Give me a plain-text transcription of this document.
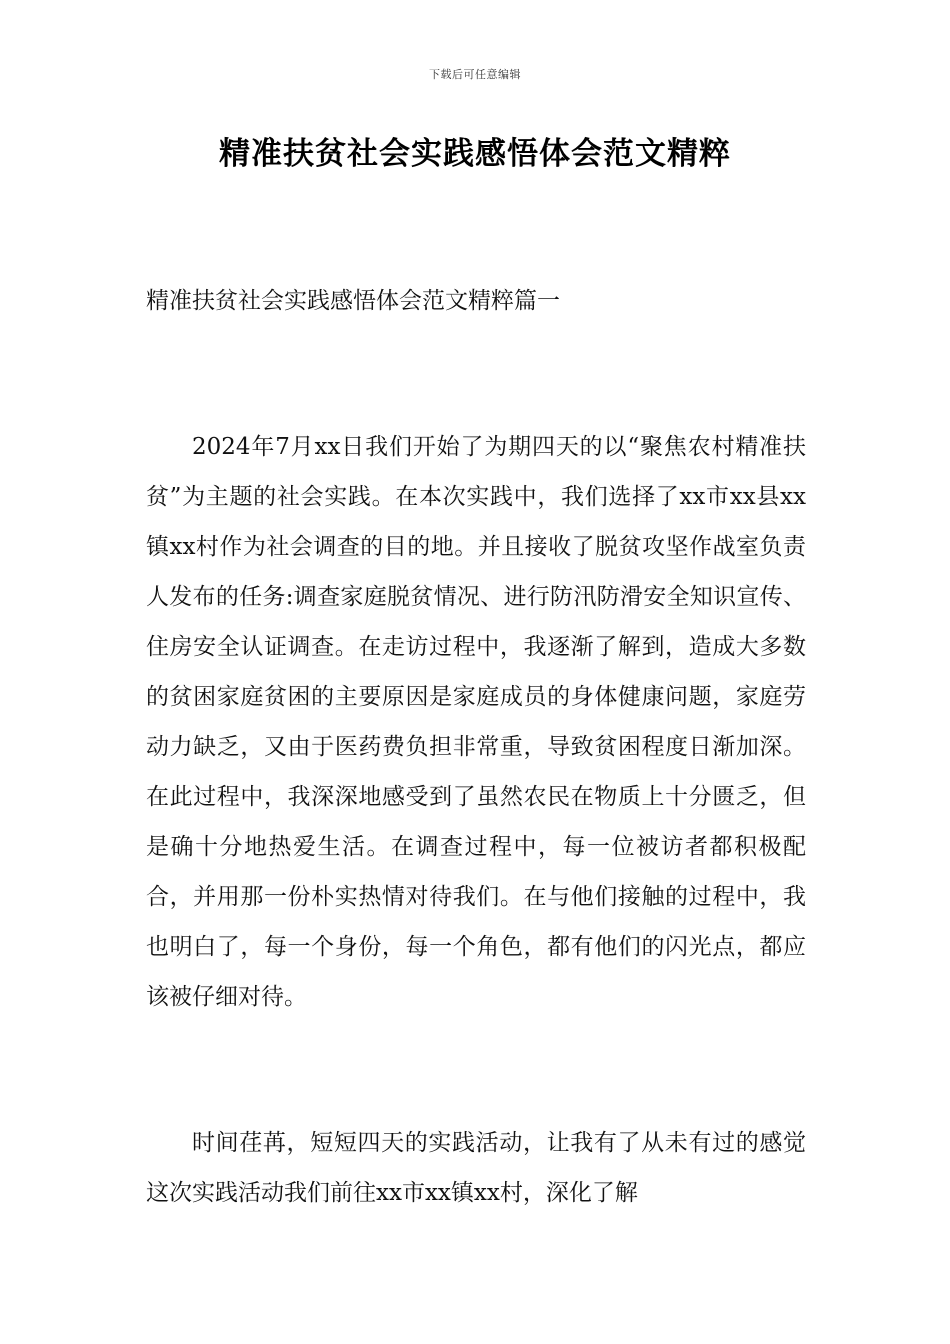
下载后可任意编辑
精准扶贫社会实践感悟体会范文精粹
精准扶贫社会实践感悟体会范文精粹篇一

2024年7月xx日我们开始了为期四天的以“聚焦农村精准扶贫”为主题的社会实践。在本次实践中，我们选择了xx市xx县xx镇xx村作为社会调查的目的地。并且接收了脱贫攻坚作战室负责人发布的任务:调查家庭脱贫情况、进行防汛防滑安全知识宣传、住房安全认证调查。在走访过程中，我逐渐了解到，造成大多数的贫困家庭贫困的主要原因是家庭成员的身体健康问题，家庭劳动力缺乏，又由于医药费负担非常重，导致贫困程度日渐加深。在此过程中，我深深地感受到了虽然农民在物质上十分匮乏，但是确十分地热爱生活。在调查过程中，每一位被访者都积极配合，并用那一份朴实热情对待我们。在与他们接触的过程中，我也明白了，每一个身份，每一个角色，都有他们的闪光点，都应该被仔细对待。

时间荏苒，短短四天的实践活动，让我有了从未有过的感觉这次实践活动我们前往xx市xx镇xx村，深化了解
